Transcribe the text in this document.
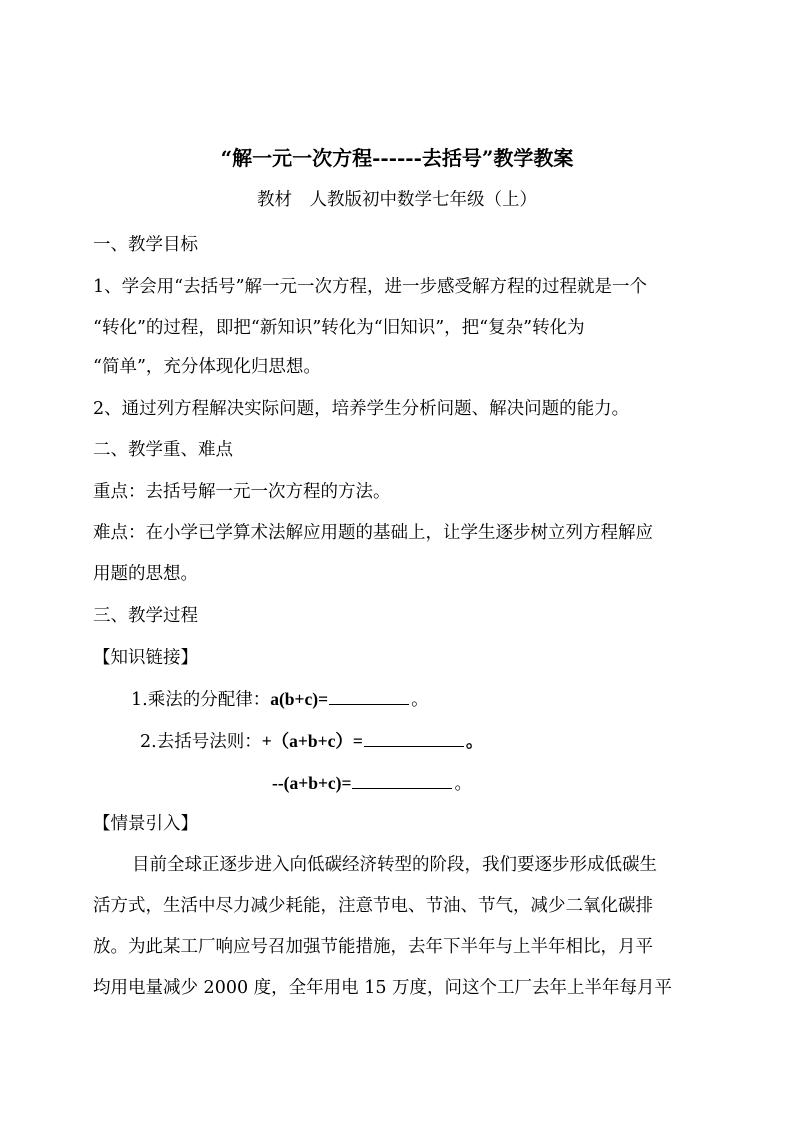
“解一元一次方程------去括号”教学教案

教材　人教版初中数学七年级（上）

一、教学目标

1、学会用“去括号”解一元一次方程，进一步感受解方程的过程就是一个

“转化”的过程，即把“新知识”转化为“旧知识”，把“复杂”转化为

“简单”，充分体现化归思想。

2、通过列方程解决实际问题，培养学生分析问题、解决问题的能力。

二、教学重、难点

重点：去括号解一元一次方程的方法。

难点：在小学已学算术法解应用题的基础上，让学生逐步树立列方程解应

用题的思想。

三、教学过程

【知识链接】

1.乘法的分配律：a(b+c)=	。

2.去括号法则：+（a+b+c）=	。

--(a+b+c)=	。

【情景引入】

目前全球正逐步进入向低碳经济转型的阶段，我们要逐步形成低碳生

活方式，生活中尽力减少耗能，注意节电、节油、节气，减少二氧化碳排

放。为此某工厂响应号召加强节能措施，去年下半年与上半年相比，月平

均用电量减少 2000 度，全年用电 15 万度，问这个工厂去年上半年每月平
